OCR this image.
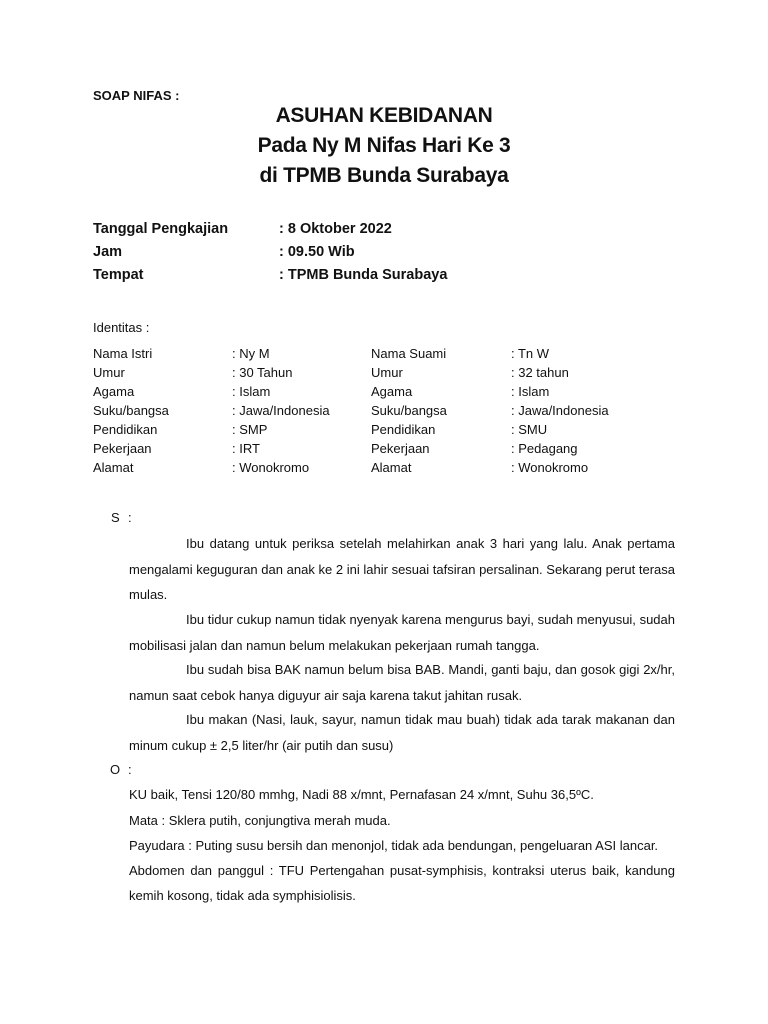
SOAP NIFAS :
ASUHAN KEBIDANAN
Pada Ny M Nifas Hari Ke 3
di TPMB Bunda Surabaya
Tanggal Pengkajian	: 8 Oktober 2022
Jam	: 09.50 Wib
Tempat	: TPMB Bunda Surabaya
Identitas :
Nama Istri	: Ny M	Nama Suami	: Tn W
Umur	: 30 Tahun	Umur	: 32 tahun
Agama	: Islam	Agama	: Islam
Suku/bangsa	: Jawa/Indonesia	Suku/bangsa	: Jawa/Indonesia
Pendidikan	: SMP	Pendidikan	: SMU
Pekerjaan	: IRT	Pekerjaan	: Pedagang
Alamat	: Wonokromo	Alamat	: Wonokromo
S :
Ibu datang untuk periksa setelah melahirkan anak 3 hari yang lalu. Anak pertama mengalami keguguran dan anak ke 2 ini lahir sesuai tafsiran persalinan. Sekarang perut terasa mulas.
Ibu tidur cukup namun tidak nyenyak karena mengurus bayi, sudah menyusui, sudah mobilisasi jalan dan namun belum melakukan pekerjaan rumah tangga.
Ibu sudah bisa BAK namun belum bisa BAB. Mandi, ganti baju, dan gosok gigi 2x/hr, namun saat cebok hanya diguyur air saja karena takut jahitan rusak.
Ibu makan (Nasi, lauk, sayur, namun tidak mau buah) tidak ada tarak makanan dan minum cukup ± 2,5 liter/hr (air putih dan susu)
O :
KU baik, Tensi 120/80 mmhg, Nadi 88 x/mnt, Pernafasan 24 x/mnt, Suhu 36,5ºC.
Mata : Sklera putih, conjungtiva merah muda.
Payudara : Puting susu bersih dan menonjol, tidak ada bendungan, pengeluaran ASI lancar.
Abdomen dan panggul : TFU Pertengahan pusat-symphisis, kontraksi uterus baik, kandung kemih kosong, tidak ada symphisiolisis.
